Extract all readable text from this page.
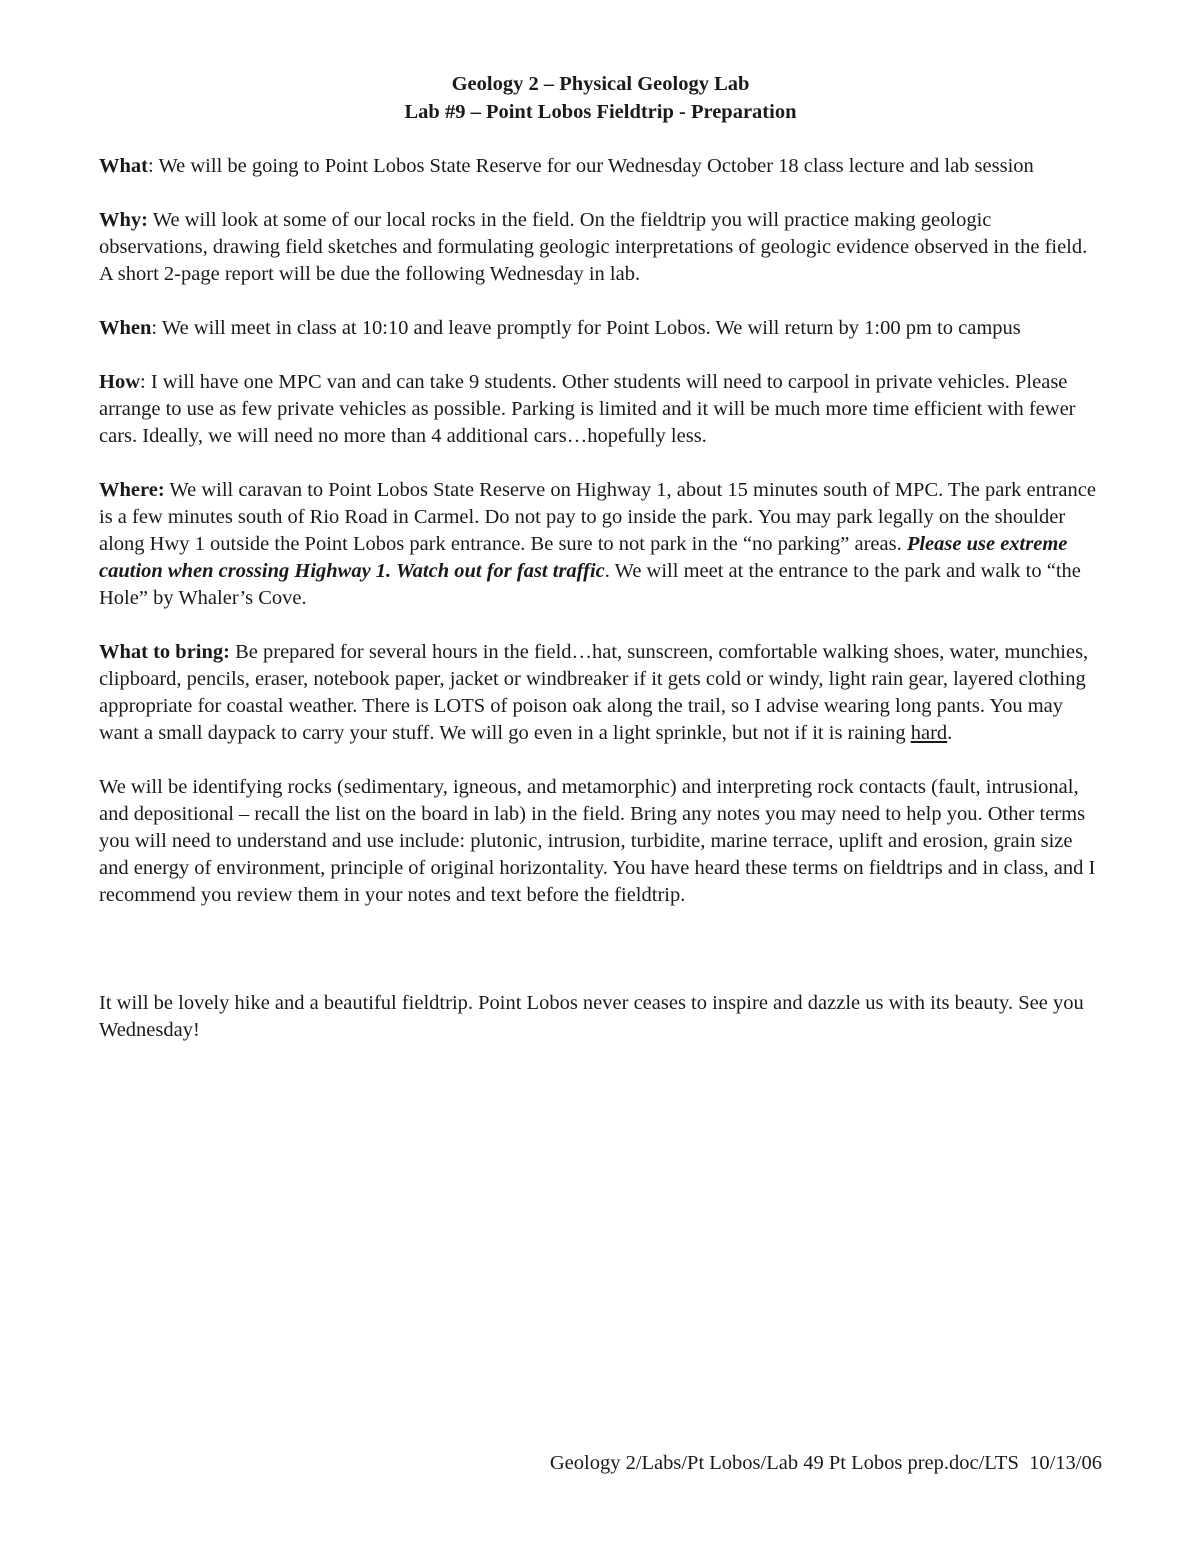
Geology 2 – Physical Geology Lab

Lab #9 – Point Lobos Fieldtrip - Preparation

What: We will be going to Point Lobos State Reserve for our Wednesday October 18 class lecture and lab session

Why: We will look at some of our local rocks in the field. On the fieldtrip you will practice making geologic observations, drawing field sketches and formulating geologic interpretations of geologic evidence observed in the field. A short 2-page report will be due the following Wednesday in lab.

When: We will meet in class at 10:10 and leave promptly for Point Lobos. We will return by 1:00 pm to campus

How: I will have one MPC van and can take 9 students. Other students will need to carpool in private vehicles. Please arrange to use as few private vehicles as possible. Parking is limited and it will be much more time efficient with fewer cars. Ideally, we will need no more than 4 additional cars…hopefully less.

Where: We will caravan to Point Lobos State Reserve on Highway 1, about 15 minutes south of MPC. The park entrance is a few minutes south of Rio Road in Carmel. Do not pay to go inside the park. You may park legally on the shoulder along Hwy 1 outside the Point Lobos park entrance. Be sure to not park in the “no parking” areas. Please use extreme caution when crossing Highway 1. Watch out for fast traffic. We will meet at the entrance to the park and walk to “the Hole” by Whaler’s Cove.

What to bring: Be prepared for several hours in the field…hat, sunscreen, comfortable walking shoes, water, munchies, clipboard, pencils, eraser, notebook paper, jacket or windbreaker if it gets cold or windy, light rain gear, layered clothing appropriate for coastal weather. There is LOTS of poison oak along the trail, so I advise wearing long pants. You may want a small daypack to carry your stuff. We will go even in a light sprinkle, but not if it is raining hard.

We will be identifying rocks (sedimentary, igneous, and metamorphic) and interpreting rock contacts (fault, intrusional, and depositional – recall the list on the board in lab) in the field. Bring any notes you may need to help you. Other terms you will need to understand and use include: plutonic, intrusion, turbidite, marine terrace, uplift and erosion, grain size and energy of environment, principle of original horizontality. You have heard these terms on fieldtrips and in class, and I recommend you review them in your notes and text before the fieldtrip.

It will be lovely hike and a beautiful fieldtrip. Point Lobos never ceases to inspire and dazzle us with its beauty. See you Wednesday!

Geology 2/Labs/Pt Lobos/Lab 49 Pt Lobos prep.doc/LTS  10/13/06
